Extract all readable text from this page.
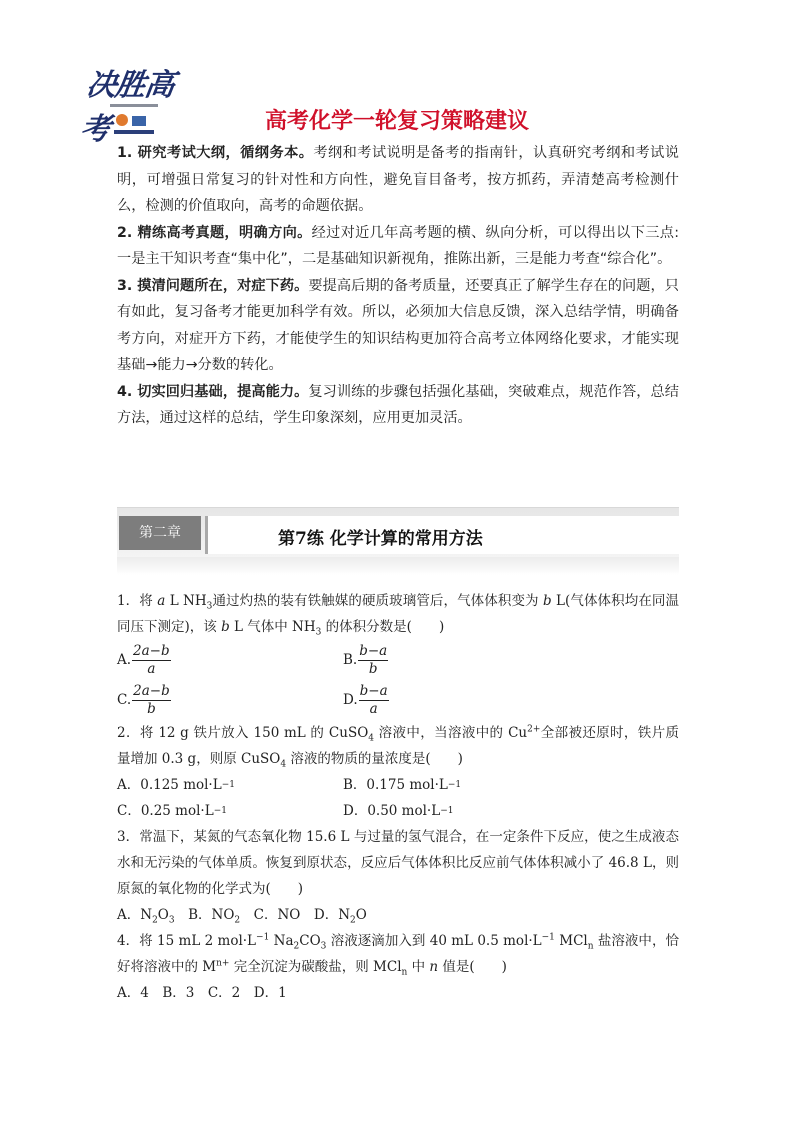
决胜高考	高考化学一轮复习策略建议

1. 研究考试大纲，循纲务本。考纲和考试说明是备考的指南针，认真研究考纲和考试说明，可增强日常复习的针对性和方向性，避免盲目备考，按方抓药，弄清楚高考检测什么，检测的价值取向，高考的命题依据。

2. 精练高考真题，明确方向。经过对近几年高考题的横、纵向分析，可以得出以下三点:一是主干知识考查“集中化”，二是基础知识新视角，推陈出新，三是能力考查“综合化”。

3. 摸清问题所在，对症下药。要提高后期的备考质量，还要真正了解学生存在的问题，只有如此，复习备考才能更加科学有效。所以，必须加大信息反馈，深入总结学情，明确备考方向，对症开方下药，才能使学生的知识结构更加符合高考立体网络化要求，才能实现基础→能力→分数的转化。

4. 切实回归基础，提高能力。复习训练的步骤包括强化基础，突破难点，规范作答，总结方法，通过这样的总结，学生印象深刻，应用更加灵活。

第二章	第7练 化学计算的常用方法

1．将 a L $NH_3$通过灼热的装有铁触媒的硬质玻璃管后，气体体积变为 b L(气体体积均在同温同压下测定)，该 b L 气体中 $NH_3$ 的体积分数是(　　)

A. $\frac{2a-b}{a}$	B. $\frac{b-a}{b}$
C. $\frac{2a-b}{b}$	D. $\frac{b-a}{a}$

2．将 12 g 铁片放入 150 mL 的 CuSO$_4$ 溶液中，当溶液中的 $Cu^{2+}$全部被还原时，铁片质量增加 0.3 g，则原 CuSO$_4$ 溶液的物质的量浓度是(　　)

A．0.125 mol·L −1	B．0.175 mol·L −1
C．0.25 mol·L −1	D．0.50 mol·L −1

3．常温下，某氮的气态氧化物 15.6 L 与过量的氢气混合，在一定条件下反应，使之生成液态水和无污染的气体单质。恢复到原状态，反应后气体体积比反应前气体体积减小了 46.8 L，则原氮的氧化物的化学式为(　　)

A．$N_2O_3$　B．$NO_2$　C．NO　D．$N_2O$

4．将 15 mL 2 $mol\cdot L^{-1}$ $Na_2CO_3$ 溶液逐滴加入到 40 mL 0.5 $mol\cdot L^{-1}$ MCl$_n$ 盐溶液中，恰好将溶液中的 $M^{n+}$ 完全沉淀为碳酸盐，则 MCl$_n$ 中 n 值是(　　)

A．4　B．3　C．2　D．1
